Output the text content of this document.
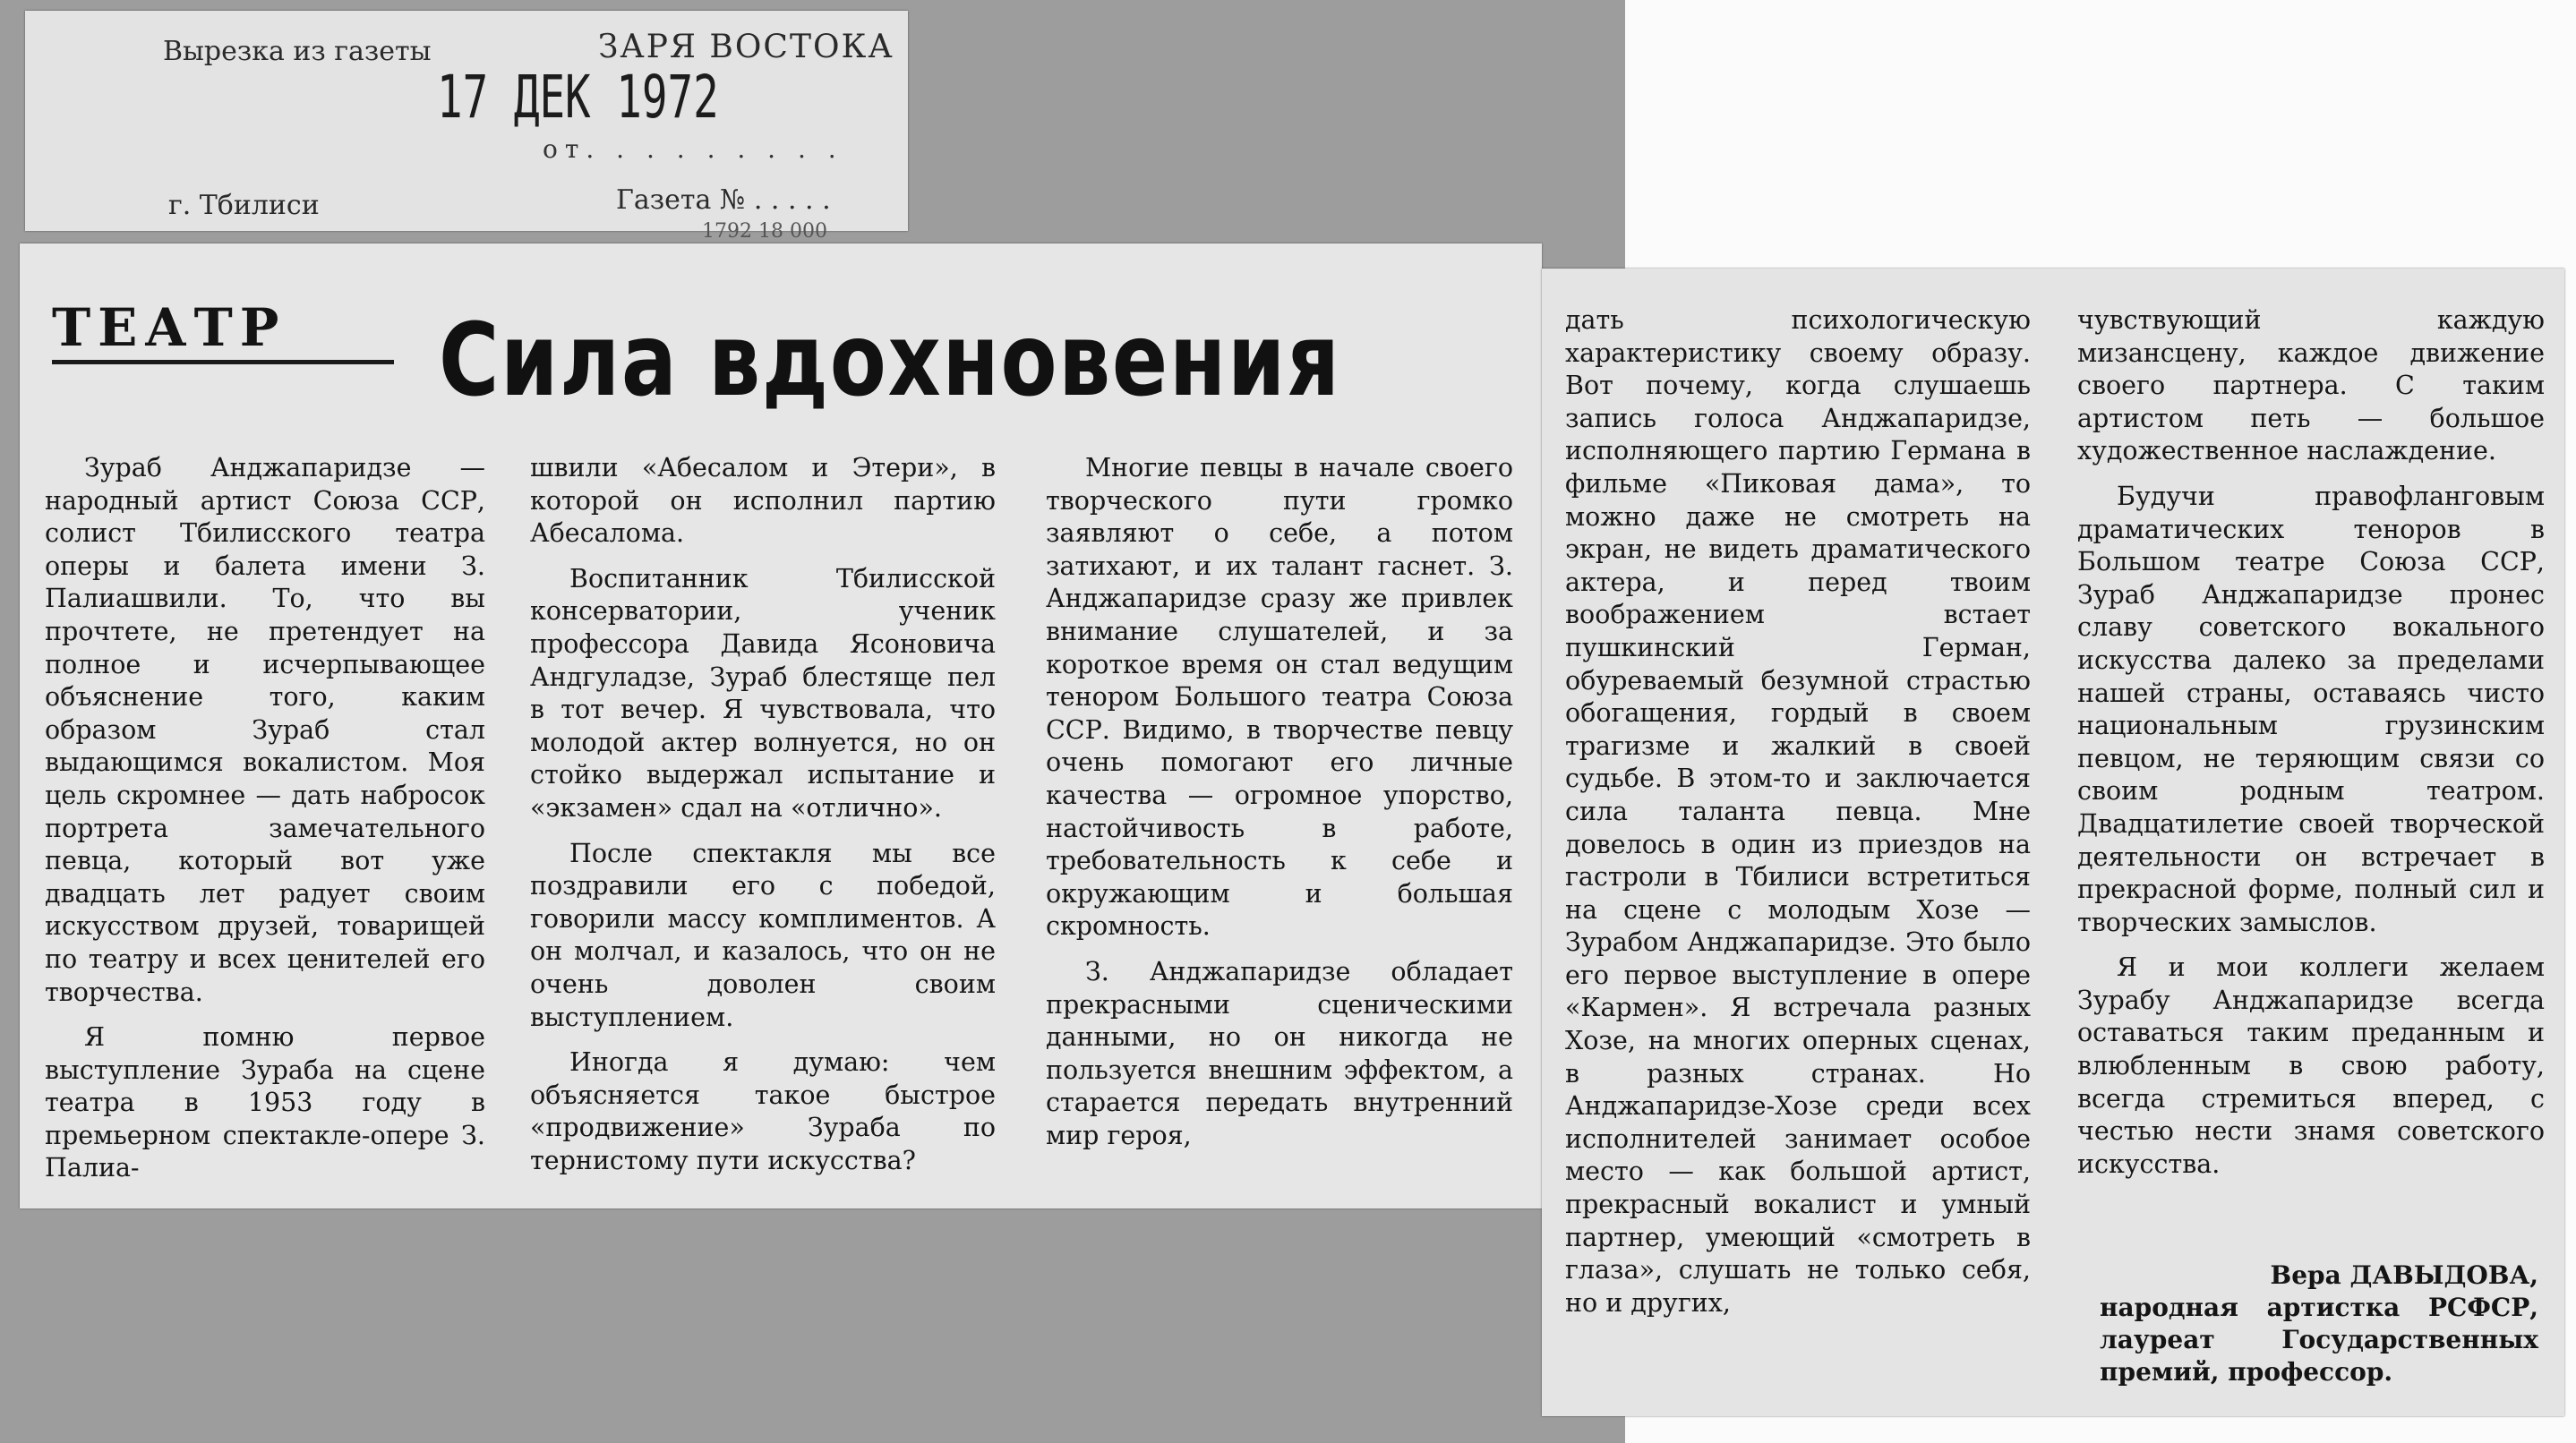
Вырезка из газеты	ЗАРЯ ВОСТОКА
17 ДЕК 1972
от. . . . . . . . .
г. Тбилиси	Газета № . . . . .
1792 18 000
ТЕАТР	Сила вдохновения

Зураб Анджапаридзе — народный артист Союза ССР, солист Тбилисского театра оперы и балета имени З. Палиашвили. То, что вы прочтете, не претендует на полное и исчерпывающее объяснение того, каким образом Зураб стал выдающимся вокалистом. Моя цель скромнее — дать набросок портрета замечательного певца, который вот уже двадцать лет радует своим искусством друзей, товарищей по театру и всех ценителей его творчества.

Я помню первое выступление Зураба на сцене театра в 1953 году в премьерном спектакле-опере З. Палиа-

швили «Абесалом и Этери», в которой он исполнил партию Абесалома.

Воспитанник Тбилисской консерватории, ученик профессора Давида Ясоновича Андгуладзе, Зураб блестяще пел в тот вечер. Я чувствовала, что молодой актер волнуется, но он стойко выдержал испытание и «экзамен» сдал на «отлично».

После спектакля мы все поздравили его с победой, говорили массу комплиментов. А он молчал, и казалось, что он не очень доволен своим выступлением.

Иногда я думаю: чем объясняется такое быстрое «продвижение» Зураба по тернистому пути искусства?

Многие певцы в начале своего творческого пути громко заявляют о себе, а потом затихают, и их талант гаснет. З. Анджапаридзе сразу же привлек внимание слушателей, и за короткое время он стал ведущим тенором Большого театра Союза ССР. Видимо, в творчестве певцу очень помогают его личные качества — огромное упорство, настойчивость в работе, требовательность к себе и окружающим и большая скромность.

З. Анджапаридзе обладает прекрасными сценическими данными, но он никогда не пользуется внешним эффектом, а старается передать внутренний мир героя,

дать психологическую характеристику своему образу. Вот почему, когда слушаешь запись голоса Анджапаридзе, исполняющего партию Германа в фильме «Пиковая дама», то можно даже не смотреть на экран, не видеть драматического актера, и перед твоим воображением встает пушкинский Герман, обуреваемый безумной страстью обогащения, гордый в своем трагизме и жалкий в своей судьбе. В этом-то и заключается сила таланта певца. Мне довелось в один из приездов на гастроли в Тбилиси встретиться на сцене с молодым Хозе — Зурабом Анджапаридзе. Это было его первое выступление в опере «Кармен». Я встречала разных Хозе, на многих оперных сценах, в разных странах. Но Анджапаридзе-Хозе среди всех исполнителей занимает особое место — как большой артист, прекрасный вокалист и умный партнер, умеющий «смотреть в глаза», слушать не только себя, но и других,

чувствующий каждую мизансцену, каждое движение своего партнера. С таким артистом петь — большое художественное наслаждение.

Будучи правофланговым драматических теноров в Большом театре Союза ССР, Зураб Анджапаридзе пронес славу советского вокального искусства далеко за пределами нашей страны, оставаясь чисто национальным грузинским певцом, не теряющим связи со своим родным театром. Двадцатилетие своей творческой деятельности он встречает в прекрасной форме, полный сил и творческих замыслов.

Я и мои коллеги желаем Зурабу Анджапаридзе всегда оставаться таким преданным и влюбленным в свою работу, всегда стремиться вперед, с честью нести знамя советского искусства.

Вера ДАВЫДОВА,
народная артистка РСФСР, лауреат Государственных премий, профессор.
